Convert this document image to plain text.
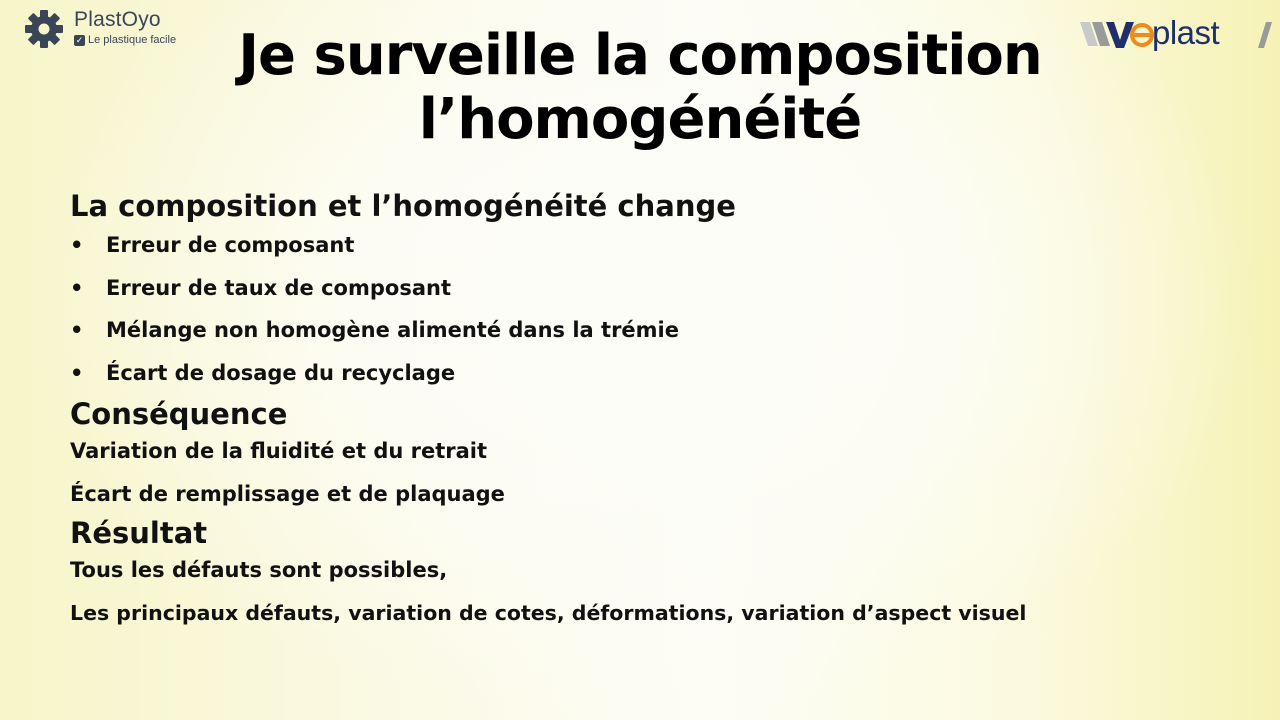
PlastOyo
✓ Le plastique facile	plast
Je surveille la composition
l’homogénéité
La composition et l’homogénéité change
• Erreur de composant
• Erreur de taux de composant
• Mélange non homogène alimenté dans la trémie
• Écart de dosage du recyclage
Conséquence
Variation de la fluidité et du retrait
Écart de remplissage et de plaquage
Résultat
Tous les défauts sont possibles,
Les principaux défauts, variation de cotes, déformations, variation d’aspect visuel
